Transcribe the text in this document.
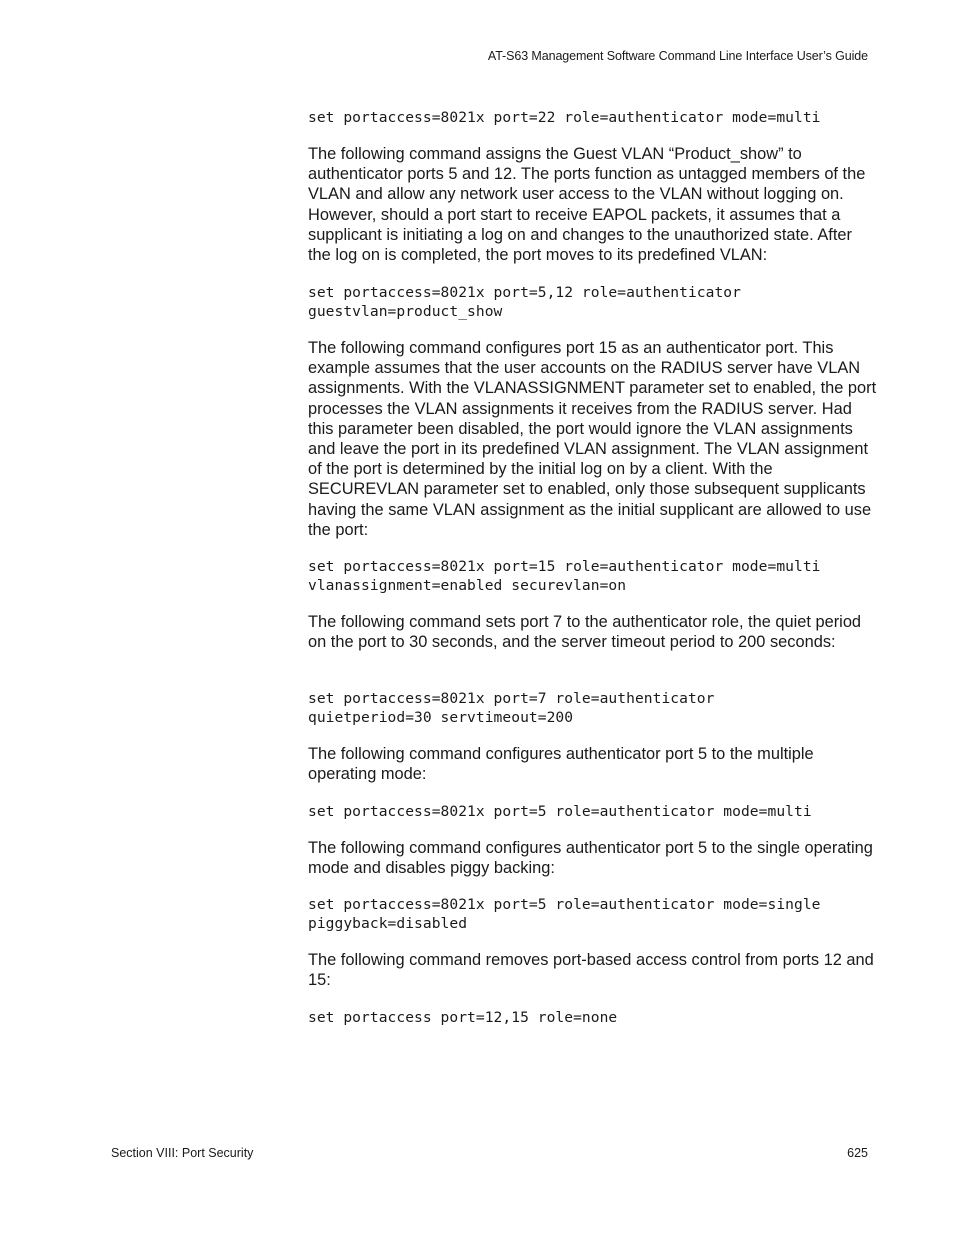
AT-S63 Management Software Command Line Interface User’s Guide
set portaccess=8021x port=22 role=authenticator mode=multi
The following command assigns the Guest VLAN “Product_show” to authenticator ports 5 and 12. The ports function as untagged members of the VLAN and allow any network user access to the VLAN without logging on. However, should a port start to receive EAPOL packets, it assumes that a supplicant is initiating a log on and changes to the unauthorized state. After the log on is completed, the port moves to its predefined VLAN:
set portaccess=8021x port=5,12 role=authenticator
guestvlan=product_show
The following command configures port 15 as an authenticator port. This example assumes that the user accounts on the RADIUS server have VLAN assignments. With the VLANASSIGNMENT parameter set to enabled, the port processes the VLAN assignments it receives from the RADIUS server. Had this parameter been disabled, the port would ignore the VLAN assignments and leave the port in its predefined VLAN assignment. The VLAN assignment of the port is determined by the initial log on by a client. With the SECUREVLAN parameter set to enabled, only those subsequent supplicants having the same VLAN assignment as the initial supplicant are allowed to use the port:
set portaccess=8021x port=15 role=authenticator mode=multi
vlanassignment=enabled securevlan=on
The following command sets port 7 to the authenticator role, the quiet period on the port to 30 seconds, and the server timeout period to 200 seconds:
set portaccess=8021x port=7 role=authenticator
quietperiod=30 servtimeout=200
The following command configures authenticator port 5 to the multiple operating mode:
set portaccess=8021x port=5 role=authenticator mode=multi
The following command configures authenticator port 5 to the single operating mode and disables piggy backing:
set portaccess=8021x port=5 role=authenticator mode=single
piggyback=disabled
The following command removes port-based access control from ports 12 and 15:
set portaccess port=12,15 role=none
Section VIII: Port Security	625
